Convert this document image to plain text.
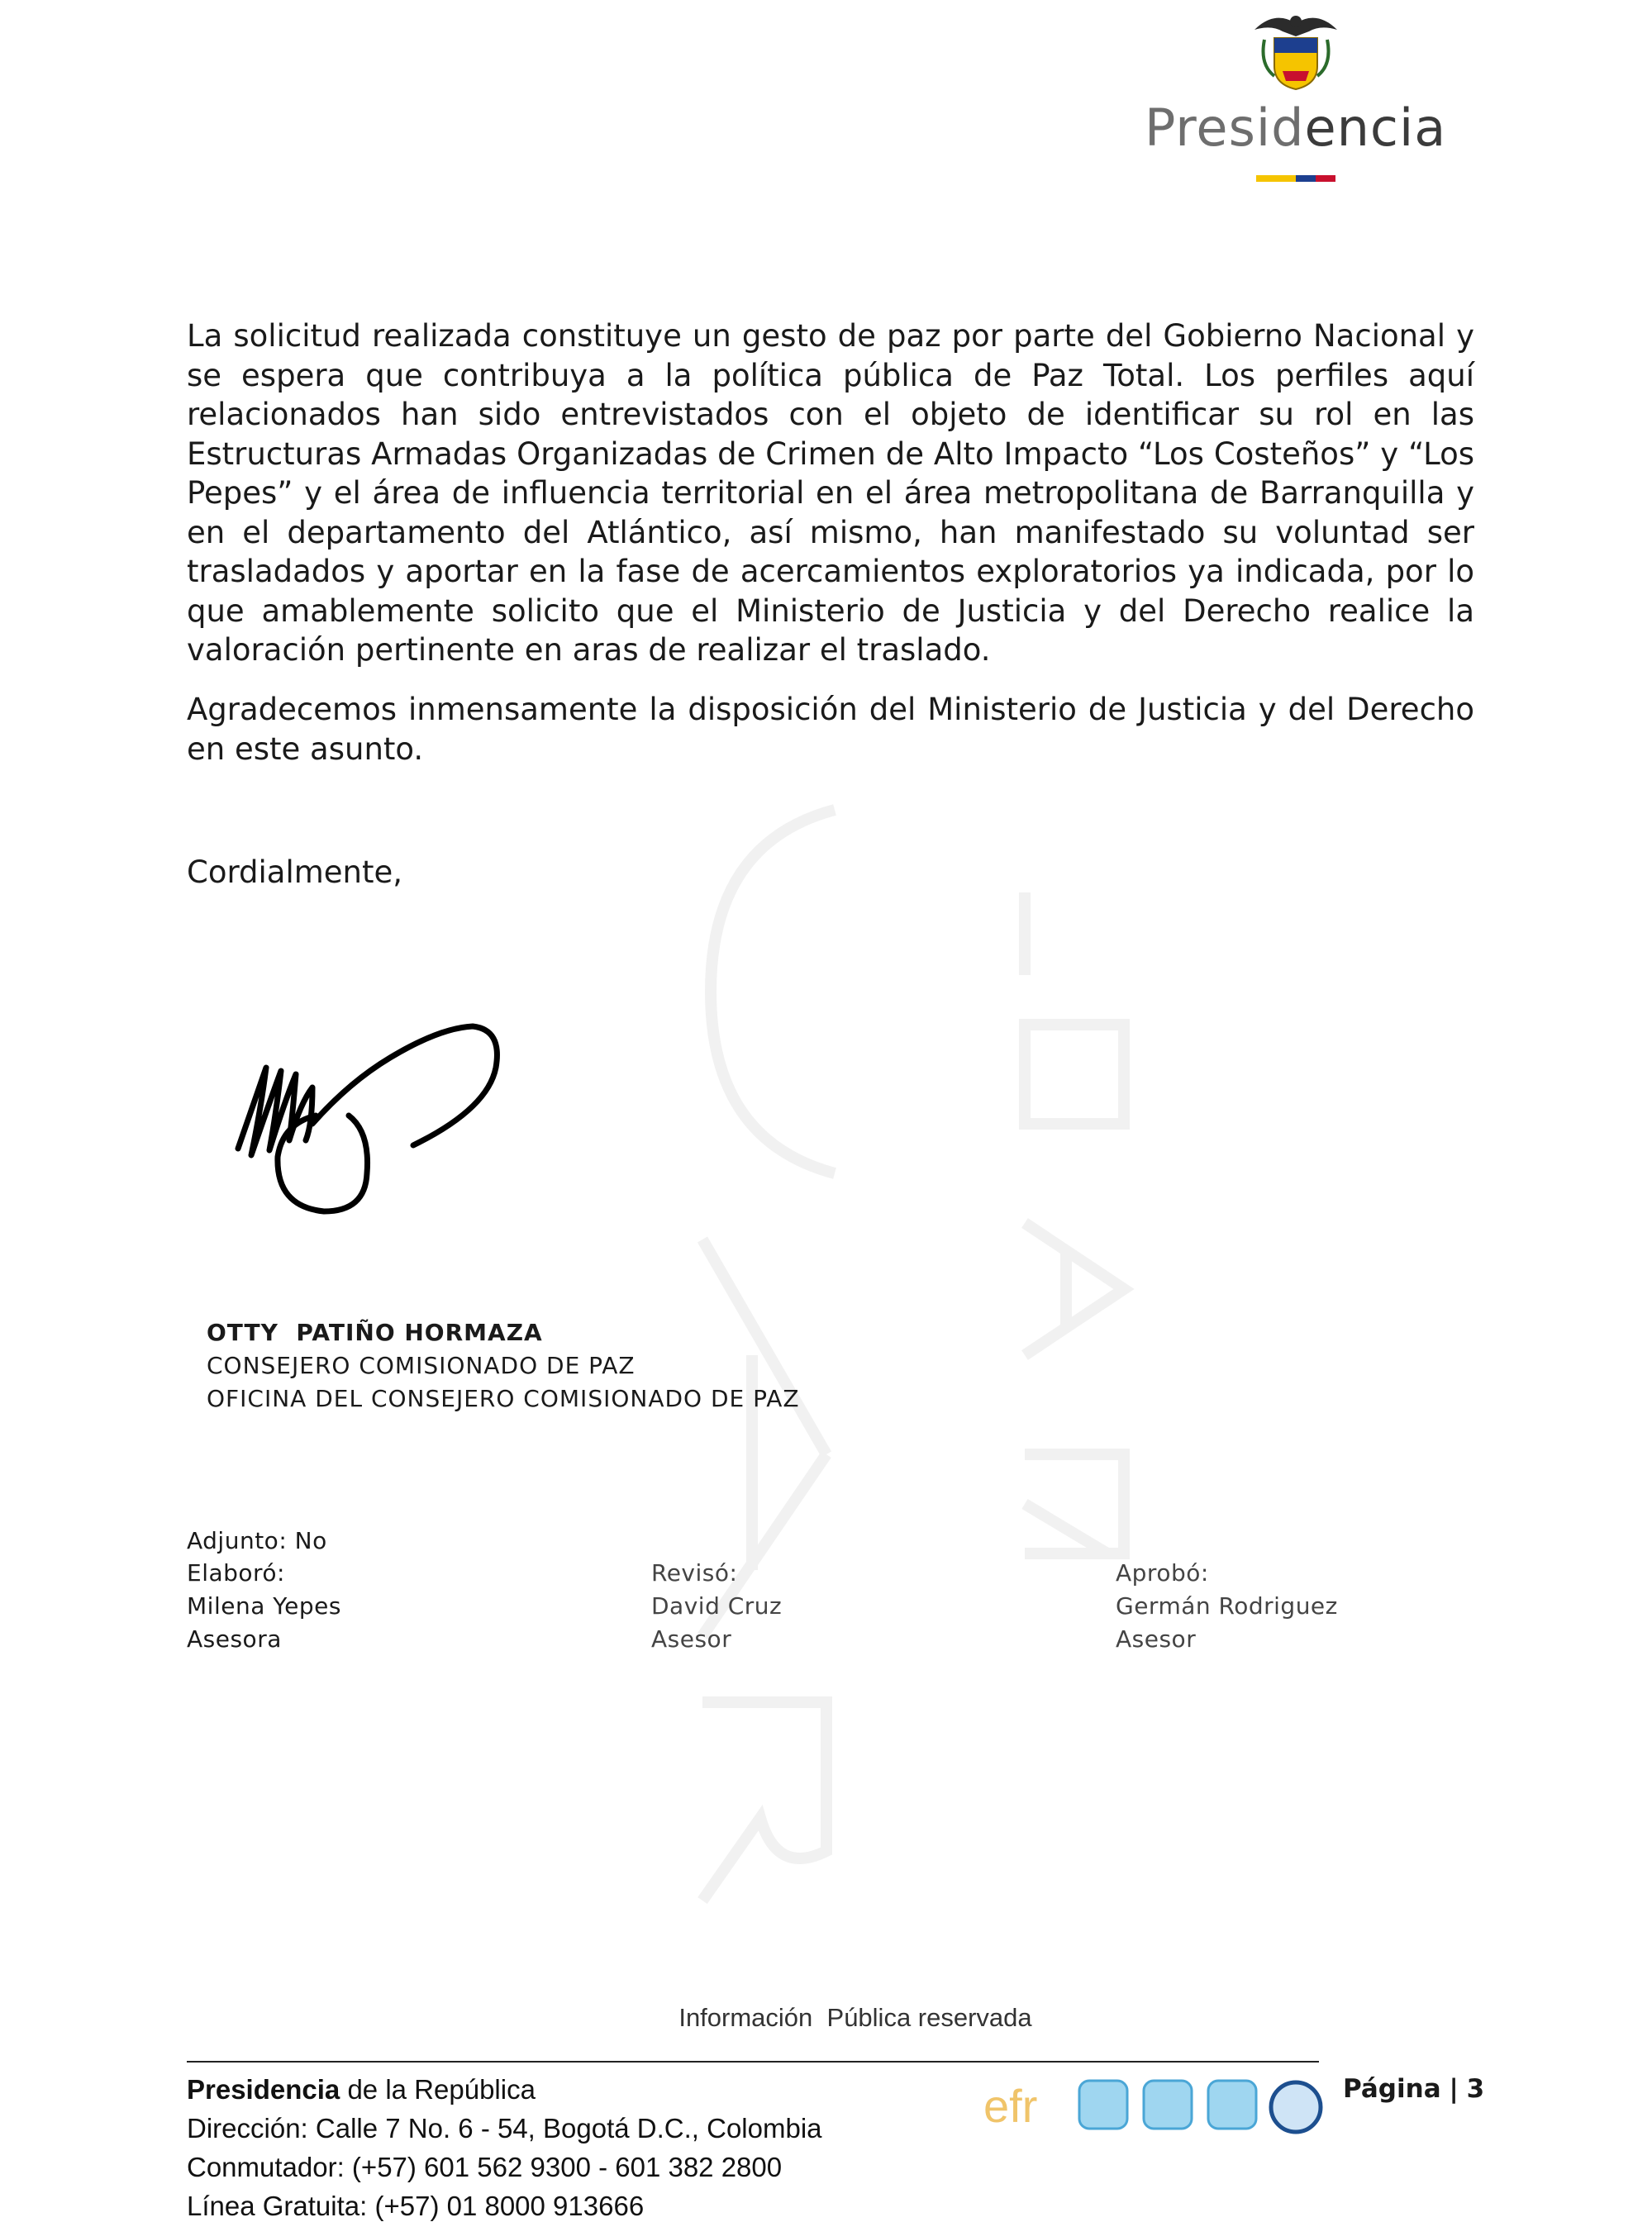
Presidencia

La solicitud realizada constituye un gesto de paz por parte del Gobierno Nacional y se espera que contribuya a la política pública de Paz Total. Los perfiles aquí relacionados han sido entrevistados con el objeto de identificar su rol en las Estructuras Armadas Organizadas de Crimen de Alto Impacto “Los Costeños” y “Los Pepes” y el área de influencia territorial en el área metropolitana de Barranquilla y en el departamento del Atlántico, así mismo, han manifestado su voluntad ser trasladados y aportar en la fase de acercamientos exploratorios ya indicada, por lo que amablemente solicito que el Ministerio de Justicia y del Derecho realice la valoración pertinente en aras de realizar el traslado.

Agradecemos inmensamente la disposición del Ministerio de Justicia y del Derecho en este asunto.

Cordialmente,
OTTY  PATIÑO HORMAZA
CONSEJERO COMISIONADO DE PAZ
OFICINA DEL CONSEJERO COMISIONADO DE PAZ
Adjunto: No
Elaboró:
Milena Yepes
Asesora
Revisó:
David Cruz
Asesor
Aprobó:
Germán Rodriguez
Asesor
Información  Pública reservada
Presidencia de la República
Dirección: Calle 7 No. 6 - 54, Bogotá D.C., Colombia
Conmutador: (+57) 601 562 9300 - 601 382 2800
Línea Gratuita: (+57) 01 8000 913666
efr	Página | 3
